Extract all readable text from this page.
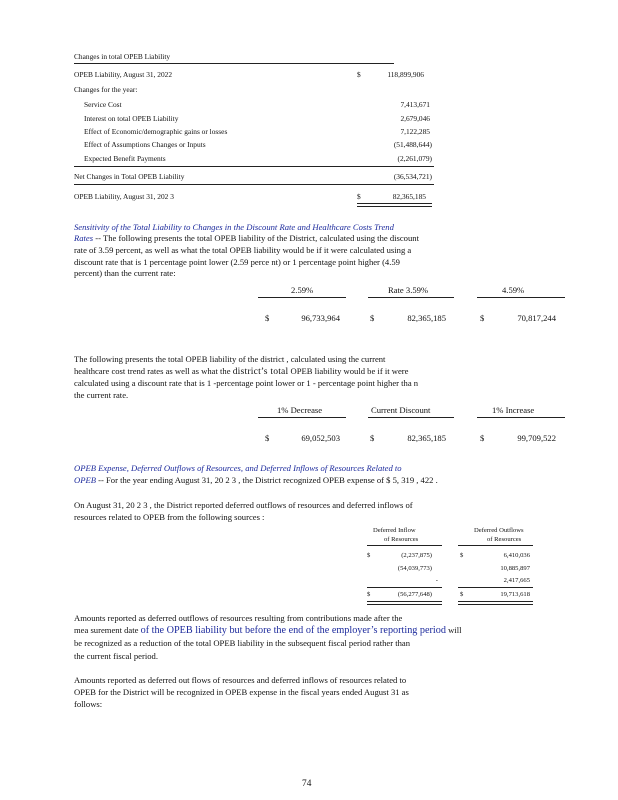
Changes in total OPEB Liability
OPEB Liability, August 31, 2022	$	118,899,906
Changes for the year:
Service Cost	7,413,671
Interest on total OPEB Liability	2,679,046
Effect of Economic/demographic gains or losses	7,122,285
Effect of Assumptions Changes or Inputs	(51,488,644)
Expected Benefit Payments	(2,261,079)
Net Changes in Total OPEB Liability	(36,534,721)
OPEB Liability, August 31, 202 3	$	82,365,185
Sensitivity of the Total Liability to Changes in the Discount Rate and Healthcare Costs Trend
Rates -- The following presents the total OPEB liability of the District, calculated using the discount
rate of 3.59 percent, as well as what the total OPEB liability would be if it were calculated using a
discount rate that is 1 percentage point lower (2.59 perce nt) or 1 percentage point higher (4.59
percent) than the current rate:
2.59%	Rate 3.59%	4.59%
$	96,733,964	$	82,365,185	$	70,817,244
The following presents the total OPEB liability of the district , calculated using the current
healthcare cost trend rates as well as what the district’s total OPEB liability would be if it were
calculated using a discount rate that is 1 -percentage point lower or 1 - percentage point higher tha n
the current rate.
1% Decrease	Current Discount	1% Increase
$	69,052,503	$	82,365,185	$	99,709,522
OPEB Expense, Deferred Outflows of Resources, and Deferred Inflows of Resources Related to
OPEB -- For the year ending August 31, 20 2 3 , the District recognized OPEB expense of $ 5, 319 , 422 .
On August 31, 20 2 3 , the District reported deferred outflows of resources and deferred inflows of
resources related to OPEB from the following sources :
Deferred Inflow
of Resources
Deferred Outflows
of Resources
$	(2,237,875)	$	6,410,036
(54,039,773)	10,885,897
-	2,417,665
$	(56,277,648)	$	19,713,618
Amounts reported as deferred outflows of resources resulting from contributions made after the
mea surement date of the OPEB liability but before the end of the employer’s reporting period will
be recognized as a reduction of the total OPEB liability in the subsequent fiscal period rather than
the current fiscal period.
Amounts reported as deferred out flows of resources and deferred inflows of resources related to
OPEB for the District will be recognized in OPEB expense in the fiscal years ended August 31 as
follows:
74
